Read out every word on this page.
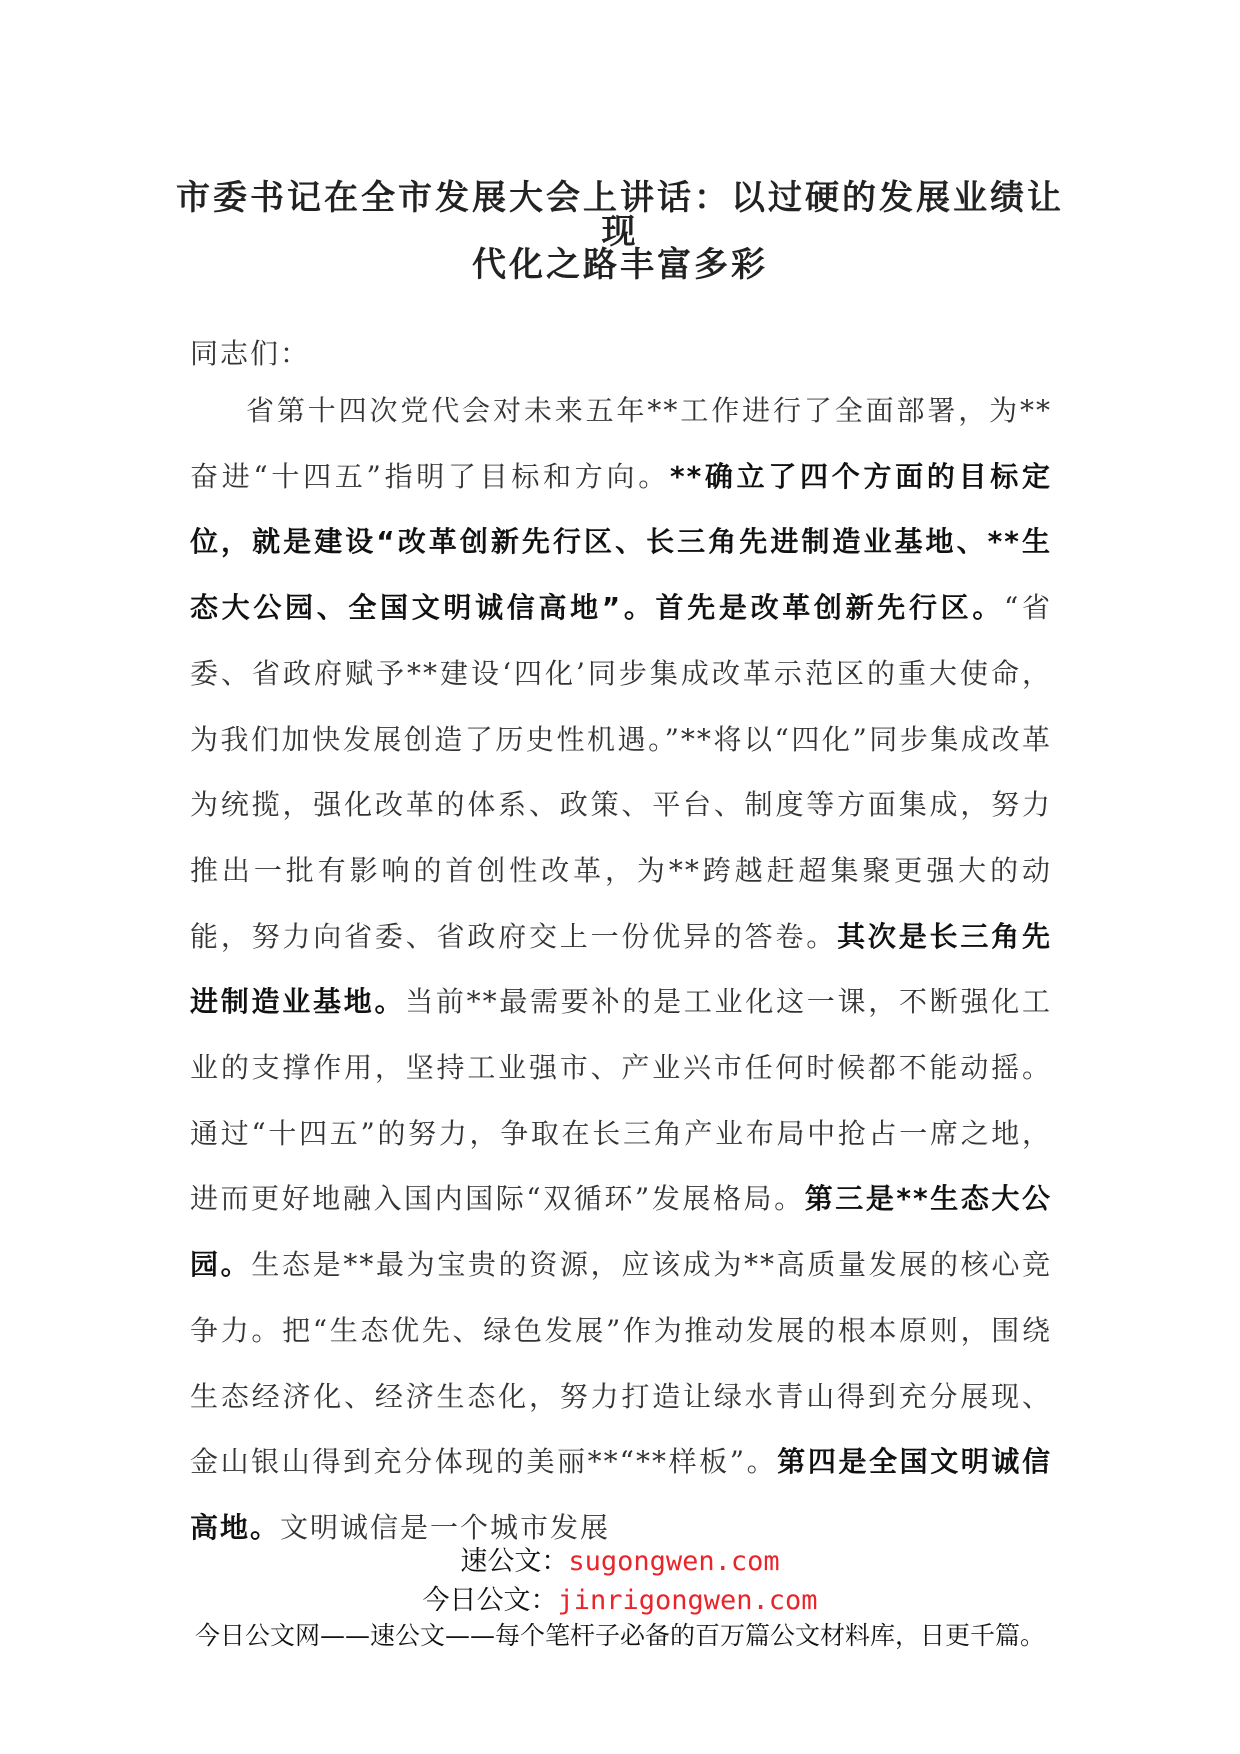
市委书记在全市发展大会上讲话：以过硬的发展业绩让现
代化之路丰富多彩
同志们：

省第十四次党代会对未来五年**工作进行了全面部署，为**奋进“十四五”指明了目标和方向。**确立了四个方面的目标定位，就是建设“改革创新先行区、长三角先进制造业基地、**生态大公园、全国文明诚信高地”。首先是改革创新先行区。“省委、省政府赋予**建设‘四化’同步集成改革示范区的重大使命，为我们加快发展创造了历史性机遇。”**将以“四化”同步集成改革为统揽，强化改革的体系、政策、平台、制度等方面集成，努力推出一批有影响的首创性改革，为**跨越赶超集聚更强大的动能，努力向省委、省政府交上一份优异的答卷。其次是长三角先进制造业基地。当前**最需要补的是工业化这一课，不断强化工业的支撑作用，坚持工业强市、产业兴市任何时候都不能动摇。通过“十四五”的努力，争取在长三角产业布局中抢占一席之地，进而更好地融入国内国际“双循环”发展格局。第三是**生态大公园。生态是**最为宝贵的资源，应该成为**高质量发展的核心竞争力。把“生态优先、绿色发展”作为推动发展的根本原则，围绕生态经济化、经济生态化，努力打造让绿水青山得到充分展现、金山银山得到充分体现的美丽**“**样板”。第四是全国文明诚信高地。文明诚信是一个城市发展

速公文：sugongwen.com
今日公文：jinrigongwen.com
今日公文网——速公文——每个笔杆子必备的百万篇公文材料库，日更千篇。
